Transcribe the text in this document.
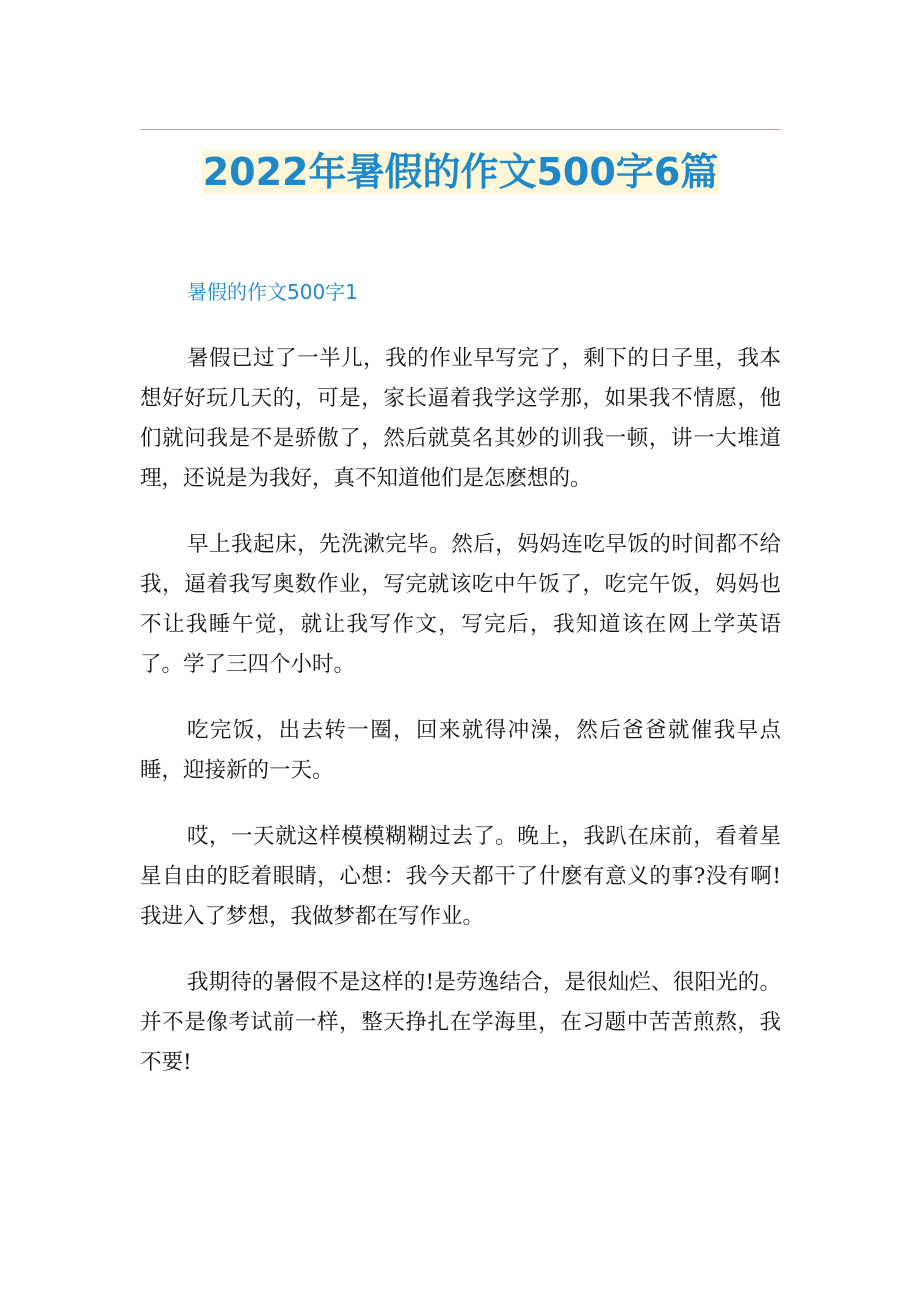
2022年暑假的作文500字6篇
暑假的作文500字1

暑假已过了一半儿，我的作业早写完了，剩下的日子里，我本想好好玩几天的，可是，家长逼着我学这学那，如果我不情愿，他们就问我是不是骄傲了，然后就莫名其妙的训我一顿，讲一大堆道理，还说是为我好，真不知道他们是怎麽想的。

早上我起床，先洗漱完毕。然后，妈妈连吃早饭的时间都不给我，逼着我写奥数作业，写完就该吃中午饭了，吃完午饭，妈妈也不让我睡午觉，就让我写作文，写完后，我知道该在网上学英语了。学了三四个小时。

吃完饭，出去转一圈，回来就得冲澡，然后爸爸就催我早点睡，迎接新的一天。

哎，一天就这样模模糊糊过去了。晚上，我趴在床前，看着星星自由的眨着眼睛，心想：我今天都干了什麽有意义的事?没有啊!我进入了梦想，我做梦都在写作业。

我期待的暑假不是这样的!是劳逸结合，是很灿烂、很阳光的。并不是像考试前一样，整天挣扎在学海里，在习题中苦苦煎熬，我不要!
